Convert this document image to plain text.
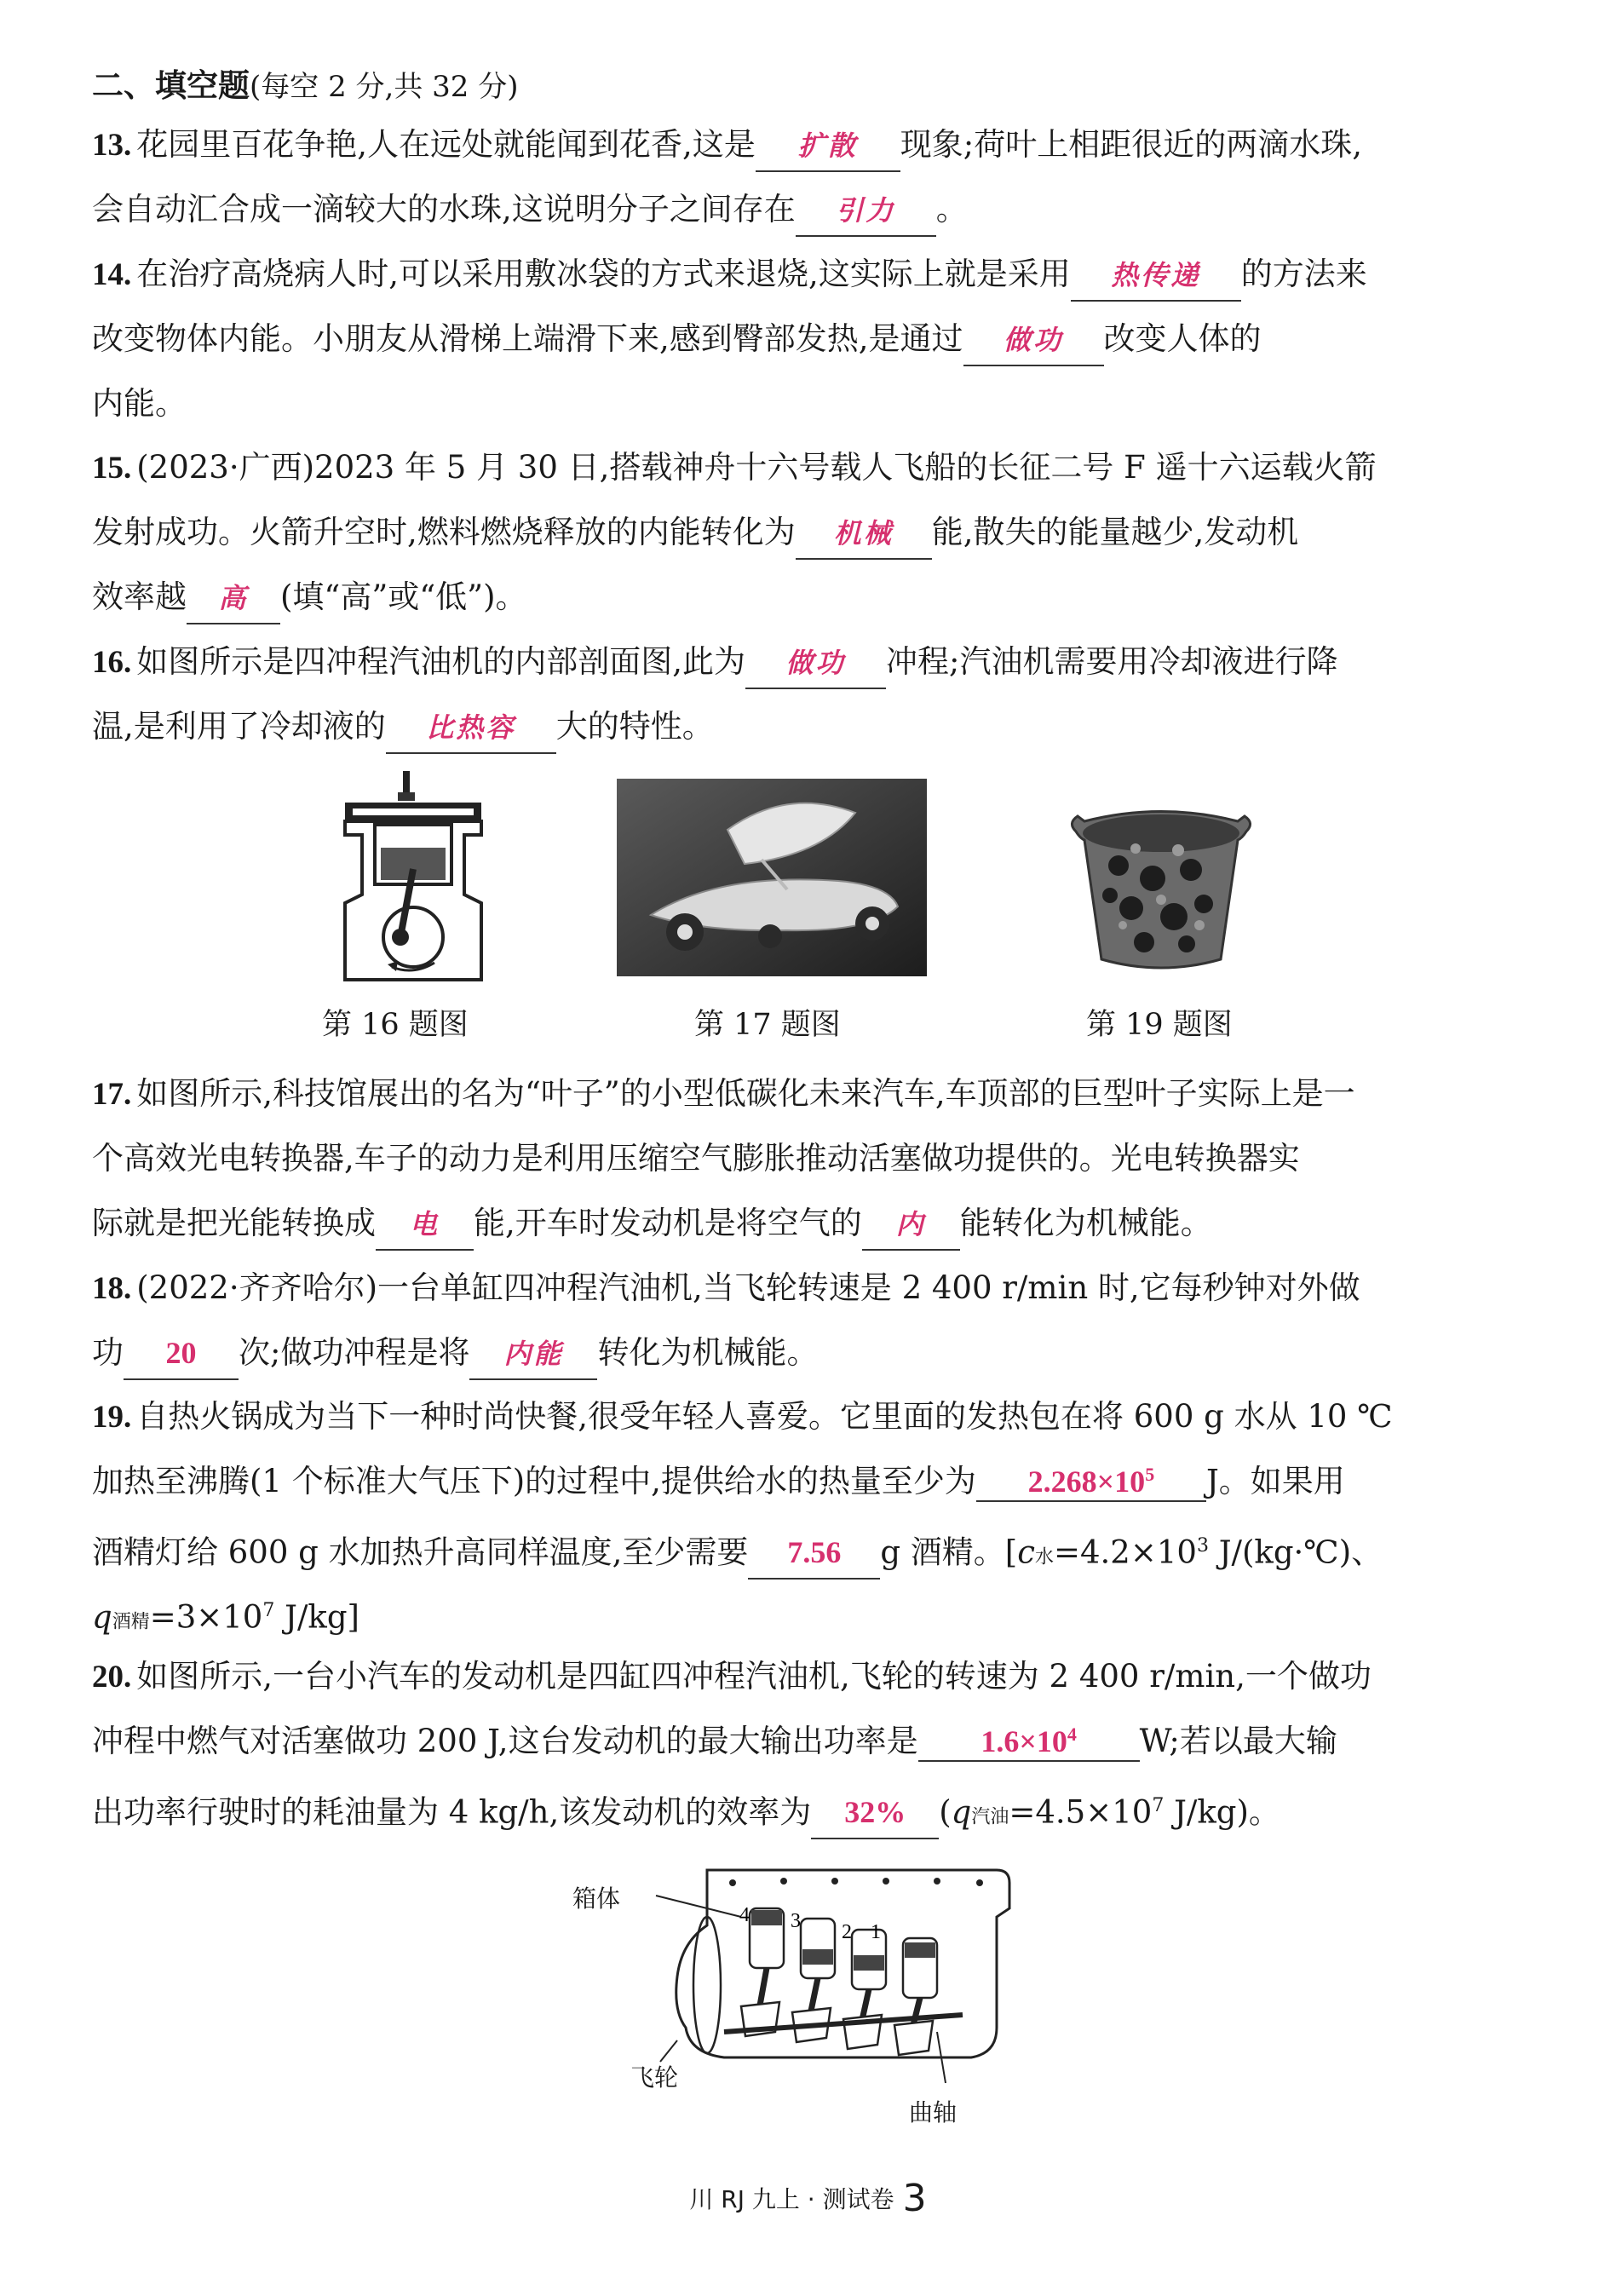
二、填空题(每空 2 分,共 32 分)
13. 花园里百花争艳,人在远处就能闻到花香,这是 扩散 现象;荷叶上相距很近的两滴水珠,
会自动汇合成一滴较大的水珠,这说明分子之间存在 引力 。
14. 在治疗高烧病人时,可以采用敷冰袋的方式来退烧,这实际上就是采用 热传递 的方法来
改变物体内能。小朋友从滑梯上端滑下来,感到臀部发热,是通过 做功 改变人体的
内能。
15. (2023·广西)2023 年 5 月 30 日,搭载神舟十六号载人飞船的长征二号 F 遥十六运载火箭
发射成功。火箭升空时,燃料燃烧释放的内能转化为 机械 能,散失的能量越少,发动机
效率越 高 (填“高”或“低”)。
16. 如图所示是四冲程汽油机的内部剖面图,此为 做功 冲程;汽油机需要用冷却液进行降
温,是利用了冷却液的 比热容 大的特性。
第 16 题图	第 17 题图	第 19 题图
17. 如图所示,科技馆展出的名为“叶子”的小型低碳化未来汽车,车顶部的巨型叶子实际上是一
个高效光电转换器,车子的动力是利用压缩空气膨胀推动活塞做功提供的。光电转换器实
际就是把光能转换成 电 能,开车时发动机是将空气的 内 能转化为机械能。
18. (2022·齐齐哈尔)一台单缸四冲程汽油机,当飞轮转速是 2 400 r/min 时,它每秒钟对外做
功 20 次;做功冲程是将 内能 转化为机械能。
19. 自热火锅成为当下一种时尚快餐,很受年轻人喜爱。它里面的发热包在将 600 g 水从 10 ℃
加热至沸腾(1 个标准大气压下)的过程中,提供给水的热量至少为 $2.268\times 10^5$ J。如果用
酒精灯给 600 g 水加热升高同样温度,至少需要 7.56 g 酒精。[c水$=4.2\times 10^3$ J/(kg·℃)、
q酒精$=3\times 10^7$ J/kg]
20. 如图所示,一台小汽车的发动机是四缸四冲程汽油机,飞轮的转速为 2 400 r/min,一个做功
冲程中燃气对活塞做功 200 J,这台发动机的最大输出功率是 $1.6\times 10^4$ W;若以最大输
出功率行驶时的耗油量为 4 kg/h,该发动机的效率为 32% (q汽油$=4.5\times 10^7$ J/kg)。
4 3 2 1
箱体
飞轮
曲轴
川 RJ 九上 · 测试卷 3
